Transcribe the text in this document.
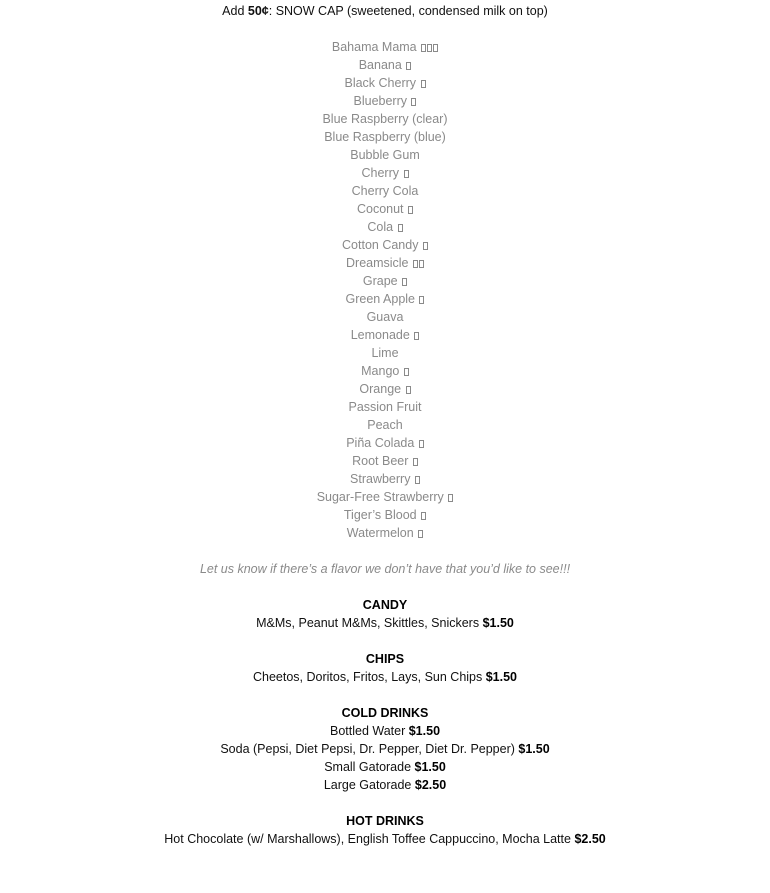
Add 50¢: SNOW CAP (sweetened, condensed milk on top)
Bahama Mama
Banana
Black Cherry
Blueberry
Blue Raspberry (clear)
Blue Raspberry (blue)
Bubble Gum
Cherry
Cherry Cola
Coconut
Cola
Cotton Candy
Dreamsicle
Grape
Green Apple
Guava
Lemonade
Lime
Mango
Orange
Passion Fruit
Peach
Piña Colada
Root Beer
Strawberry
Sugar-Free Strawberry
Tiger’s Blood
Watermelon
Let us know if there’s a flavor we don’t have that you’d like to see!!!
CANDY
M&Ms, Peanut M&Ms, Skittles, Snickers $1.50
CHIPS
Cheetos, Doritos, Fritos, Lays, Sun Chips $1.50
COLD DRINKS
Bottled Water $1.50
Soda (Pepsi, Diet Pepsi, Dr. Pepper, Diet Dr. Pepper) $1.50
Small Gatorade $1.50
Large Gatorade $2.50
HOT DRINKS
Hot Chocolate (w/ Marshallows), English Toffee Cappuccino, Mocha Latte $2.50
